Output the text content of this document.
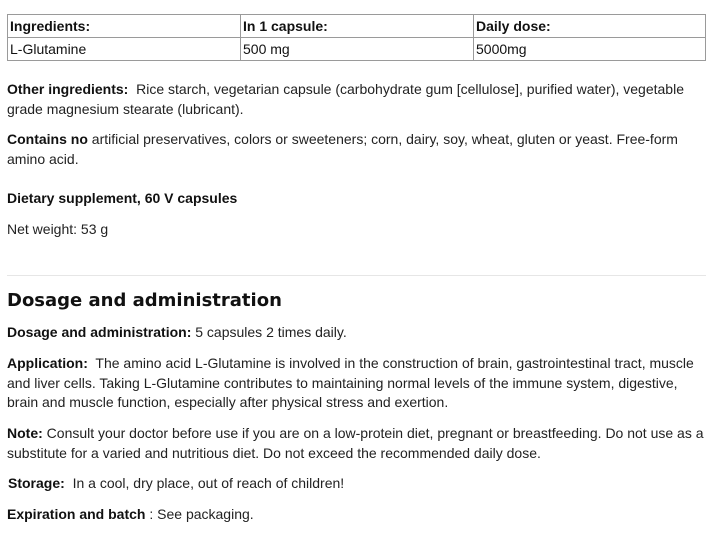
Ingredients:	In 1 capsule:	Daily dose:
L-Glutamine	500 mg	5000mg

Other ingredients: Rice starch, vegetarian capsule (carbohydrate gum [cellulose], purified water), vegetable grade magnesium stearate (lubricant).

Contains no artificial preservatives, colors or sweeteners; corn, dairy, soy, wheat, gluten or yeast. Free-form amino acid.

Dietary supplement, 60 V capsules

Net weight: 53 g

Dosage and administration

Dosage and administration: 5 capsules 2 times daily.

Application: The amino acid L-Glutamine is involved in the construction of brain, gastrointestinal tract, muscle and liver cells. Taking L-Glutamine contributes to maintaining normal levels of the immune system, digestive, brain and muscle function, especially after physical stress and exertion.

Note: Consult your doctor before use if you are on a low-protein diet, pregnant or breastfeeding. Do not use as a substitute for a varied and nutritious diet. Do not exceed the recommended daily dose.

Storage: In a cool, dry place, out of reach of children!

Expiration and batch : See packaging.
